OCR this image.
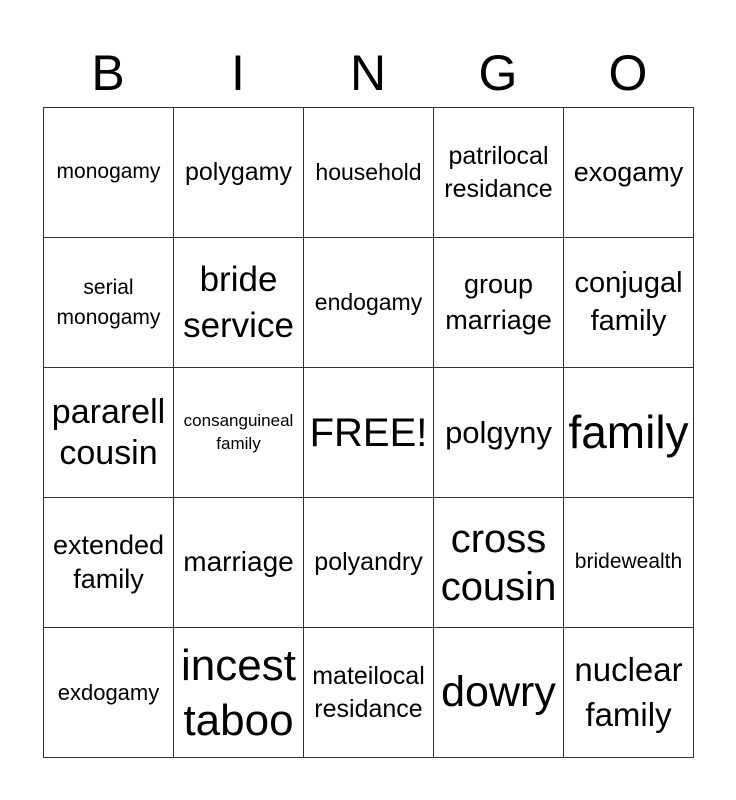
B	I	N	G	O
monogamy	polygamy	household	patrilocal residance	exogamy
serial monogamy	bride service	endogamy	group marriage	conjugal family
pararell cousin	consanguineal family	FREE!	polgyny	family
extended family	marriage	polyandry	cross cousin	bridewealth
exdogamy	incest taboo	mateilocal residance	dowry	nuclear family
